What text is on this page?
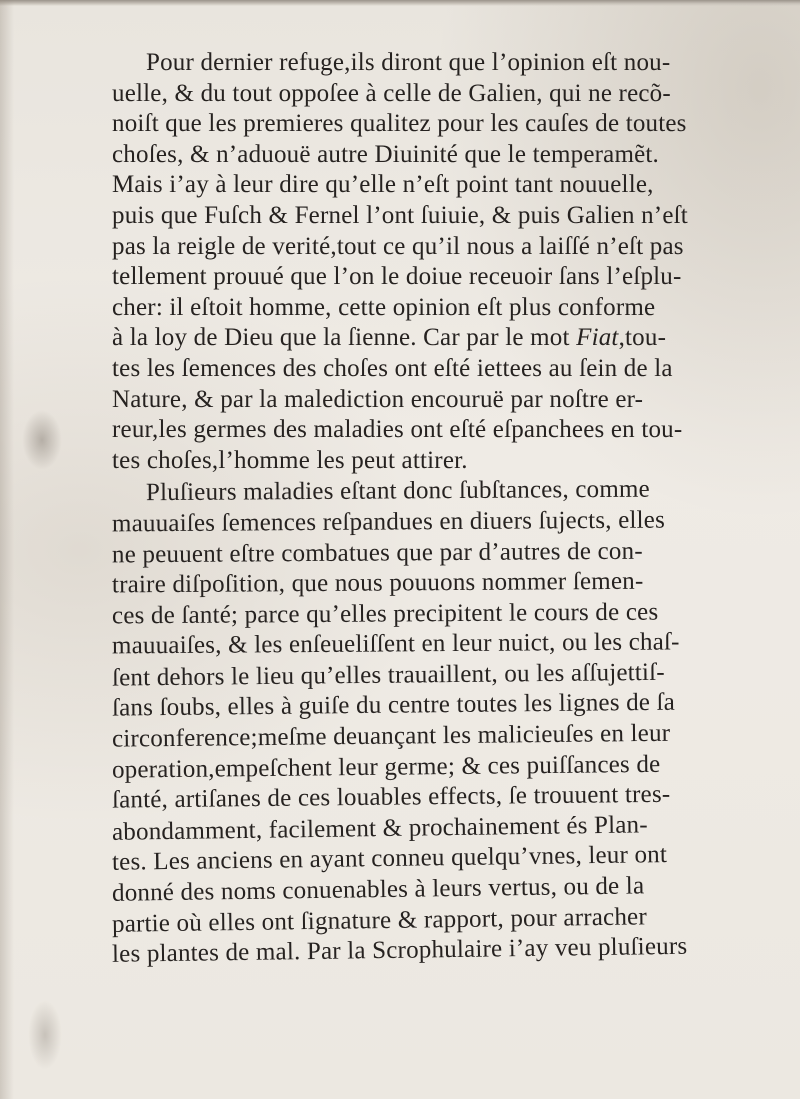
Pour dernier refuge,ils diront que l’opinion eſt nou-
uelle, & du tout oppoſee à celle de Galien, qui ne recõ-
noiſt que les premieres qualitez pour les cauſes de toutes
choſes, & n’aduouë autre Diuinité que le temperamẽt.
Mais i’ay à leur dire qu’elle n’eſt point tant nouuelle,
puis que Fuſch & Fernel l’ont ſuiuie, & puis Galien n’eſt
pas la reigle de verité,tout ce qu’il nous a laiſſé n’eſt pas
tellement prouué que l’on le doiue receuoir ſans l’eſplu-
cher: il eſtoit homme, cette opinion eſt plus conforme
à la loy de Dieu que la ſienne. Car par le mot Fiat,tou-
tes les ſemences des choſes ont eſté iettees au ſein de la
Nature, & par la malediction encouruë par noſtre er-
reur,les germes des maladies ont eſté eſpanchees en tou-
tes choſes,l’homme les peut attirer.
Pluſieurs maladies eſtant donc ſubſtances, comme
mauuaiſes ſemences reſpandues en diuers ſujects, elles
ne peuuent eſtre combatues que par d’autres de con-
traire diſpoſition, que nous pouuons nommer ſemen-
ces de ſanté; parce qu’elles precipitent le cours de ces
mauuaiſes, & les enſeueliſſent en leur nuict, ou les chaſ-
ſent dehors le lieu qu’elles trauaillent, ou les aſſujettiſ-
ſans ſoubs, elles à guiſe du centre toutes les lignes de ſa
circonference;meſme deuançant les malicieuſes en leur
operation,empeſchent leur germe; & ces puiſſances de
ſanté, artiſanes de ces louables effects, ſe trouuent tres-
abondamment, facilement & prochainement és Plan-
tes. Les anciens en ayant conneu quelqu’vnes, leur ont
donné des noms conuenables à leurs vertus, ou de la
partie où elles ont ſignature & rapport, pour arracher
les plantes de mal. Par la Scrophulaire i’ay veu pluſieurs
